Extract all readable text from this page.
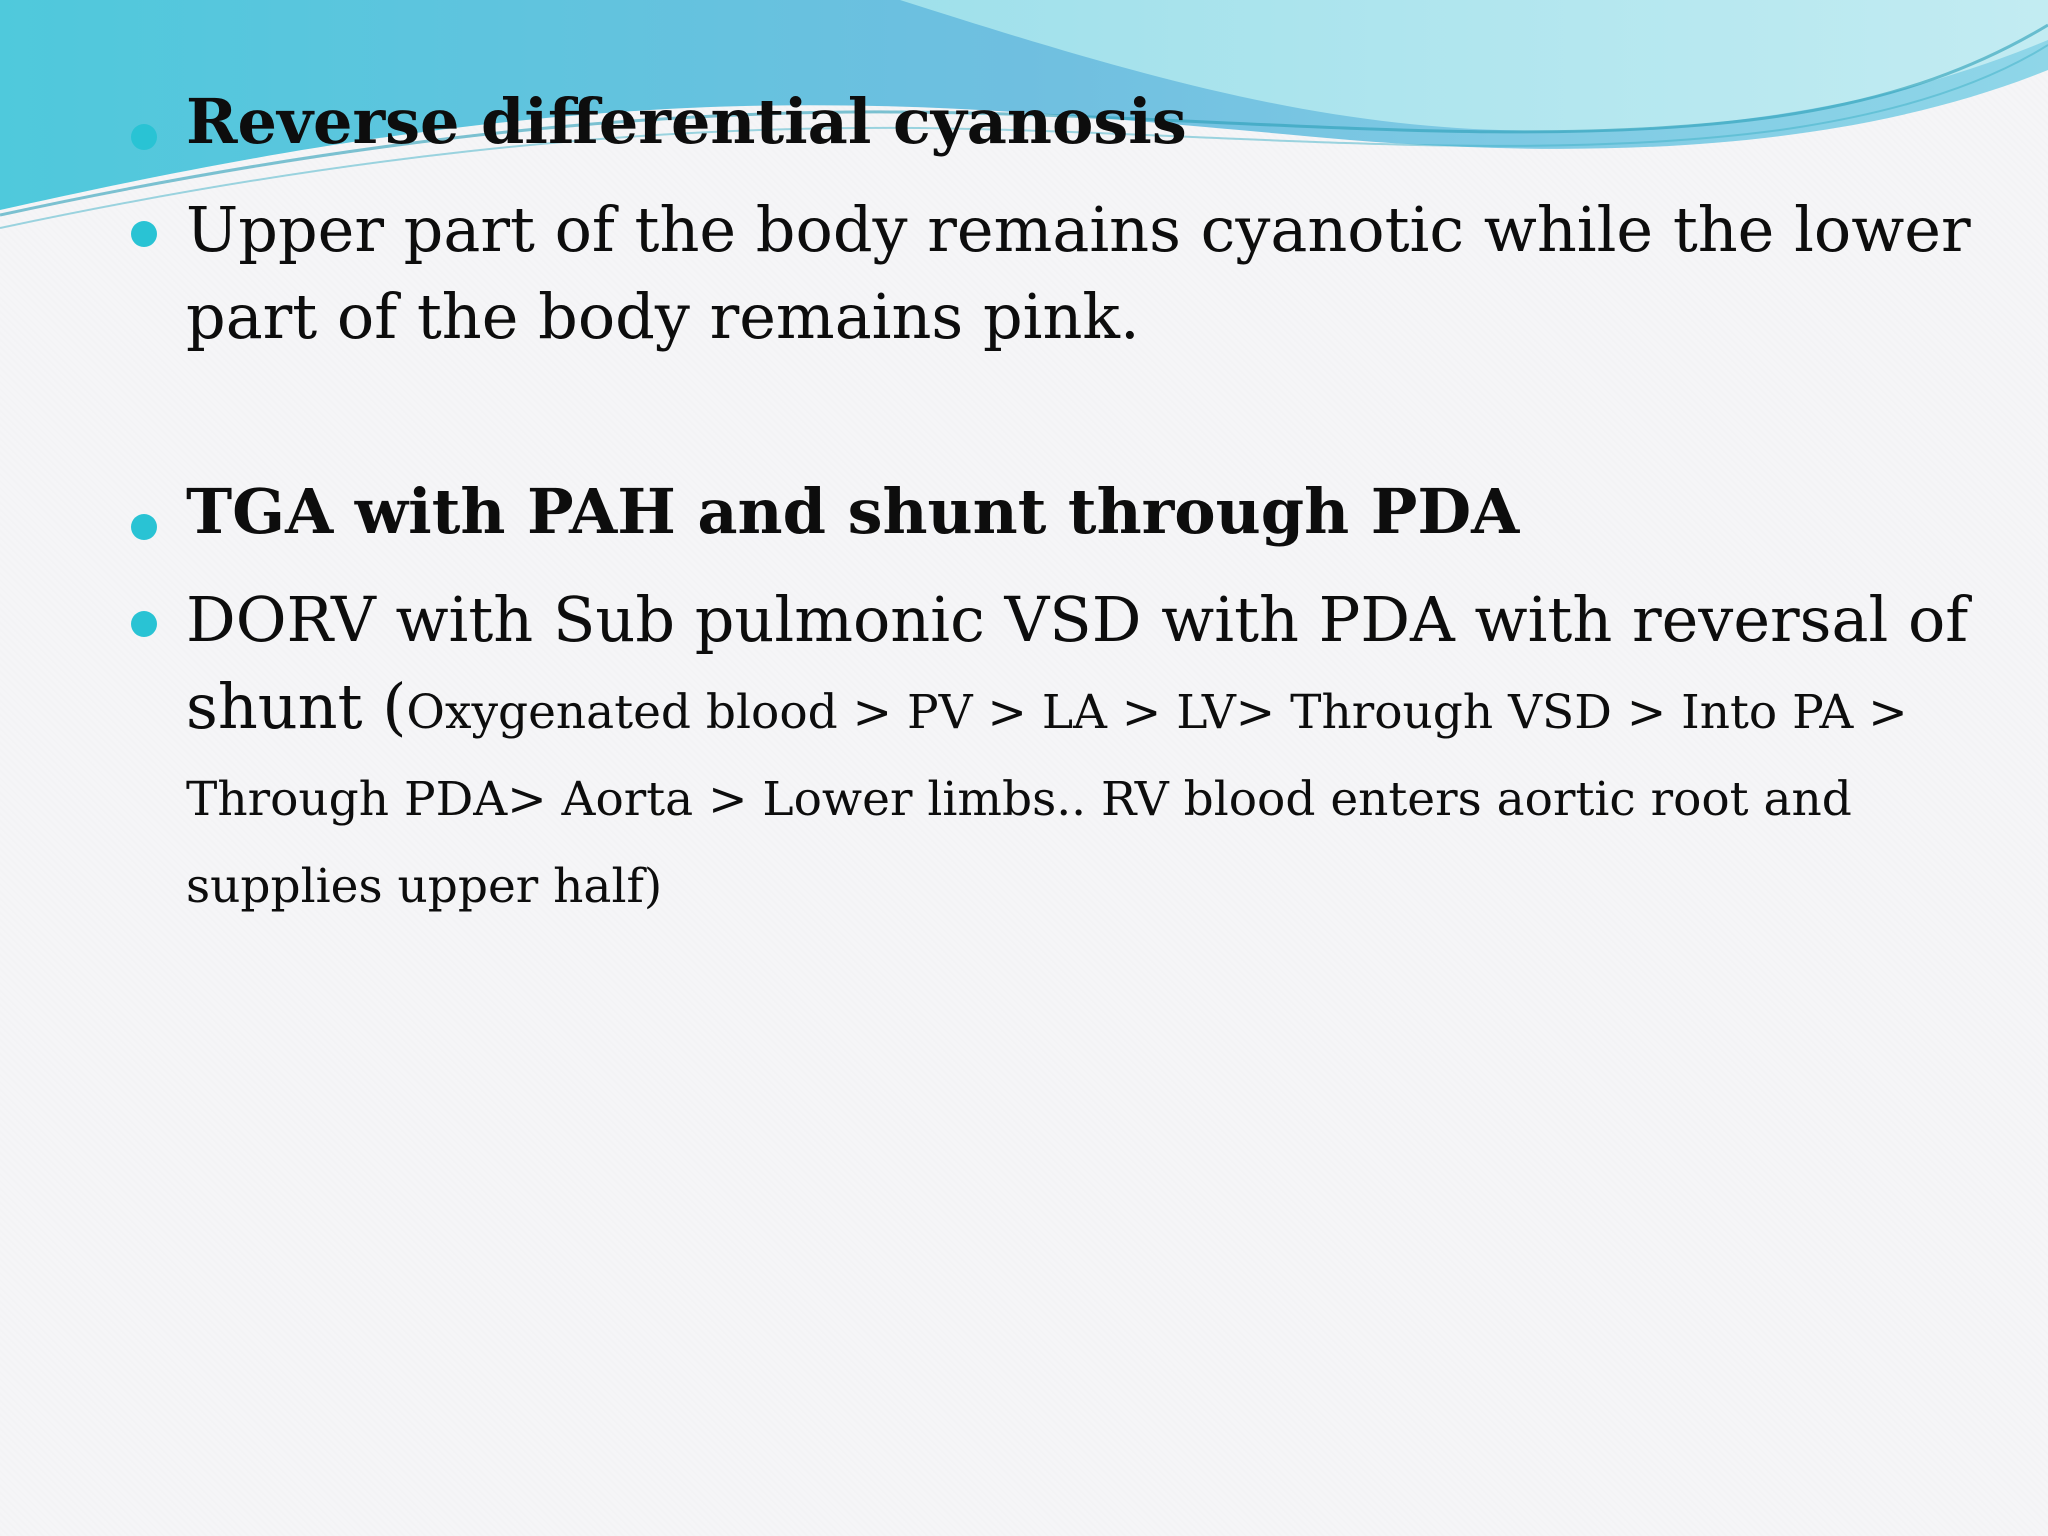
Reverse differential cyanosis
Upper part of the body remains cyanotic while the lower part of the body remains pink.
TGA with PAH and shunt through PDA
DORV with Sub pulmonic VSD with PDA with reversal of shunt (Oxygenated blood > PV > LA > LV> Through VSD > Into PA > Through PDA> Aorta > Lower limbs.. RV blood enters aortic root and supplies upper half)
